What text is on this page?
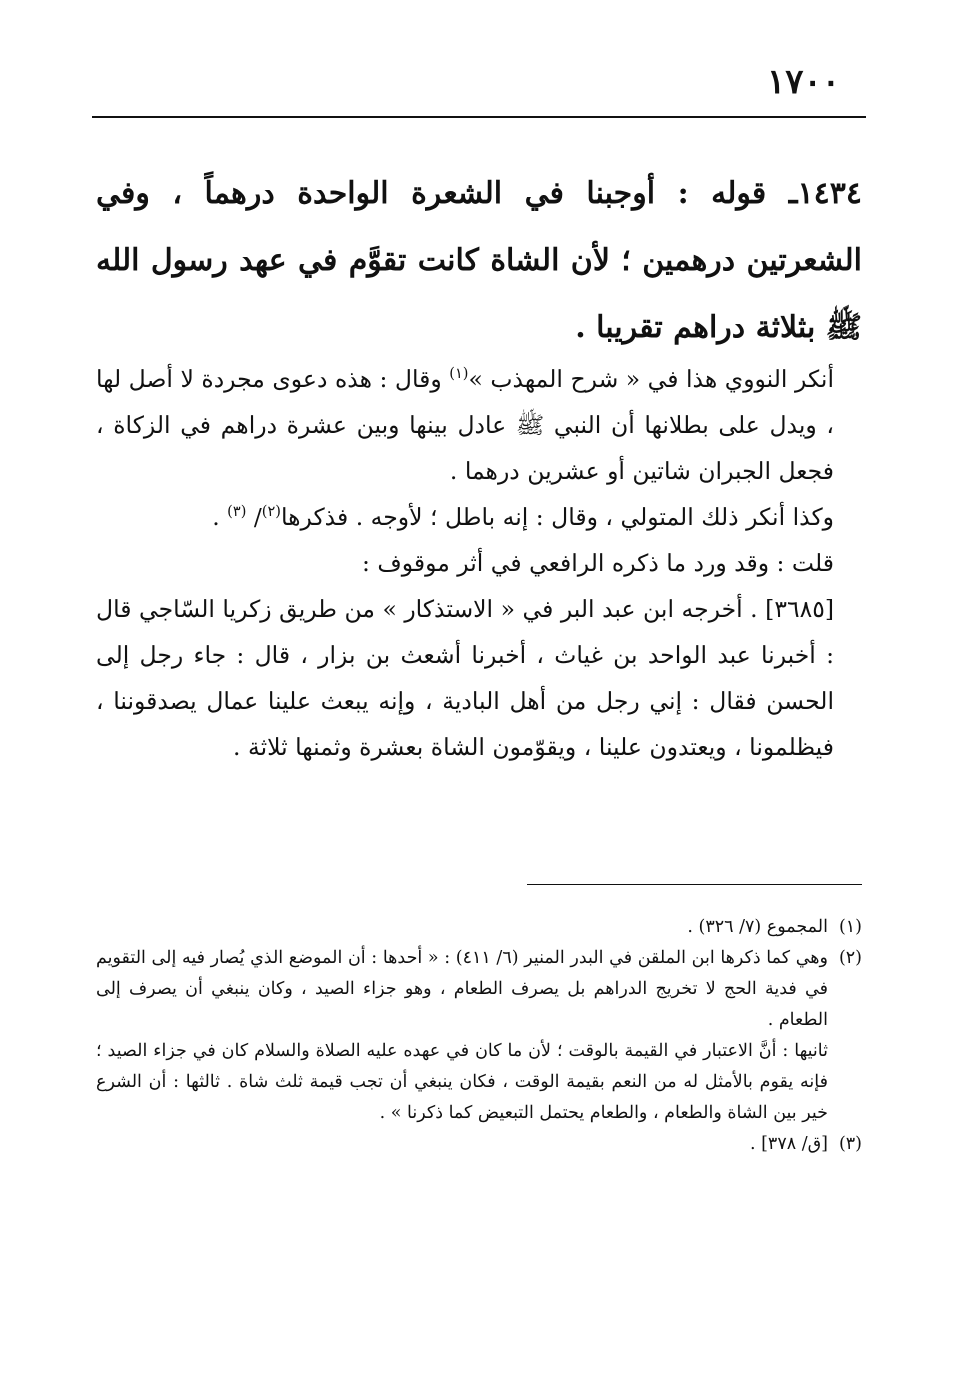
١٧٠٠
١٤٣٤ـ قوله : أوجبنا في الشعرة الواحدة درهماً ، وفي الشعرتين درهمين ؛ لأن الشاة كانت تقوَّم في عهد رسول الله ﷺ بثلاثة دراهم تقريبا .

أنكر النووي هذا في « شرح المهذب »$^{(١)}$ وقال : هذه دعوى مجردة لا أصل لها ، ويدل على بطلانها أن النبي ﷺ عادل بينها وبين عشرة دراهم في الزكاة ، فجعل الجبران شاتين أو عشرين درهما .

وكذا أنكر ذلك المتولي ، وقال : إنه باطل ؛ لأوجه . فذكرها$^{(٢)}$/ $^{(٣)}$ .

قلت : وقد ورد ما ذكره الرافعي في أثر موقوف :

[٣٦٨٥] . أخرجه ابن عبد البر في « الاستذكار » من طريق زكريا السّاجي قال : أخبرنا عبد الواحد بن غياث ، أخبرنا أشعث بن بزار ، قال : جاء رجل إلى الحسن فقال : إني رجل من أهل البادية ، وإنه يبعث علينا عمال يصدقوننا ، فيظلمونا ، ويعتدون علينا ، ويقوّمون الشاة بعشرة وثمنها ثلاثة .

(١)
المجموع (٧/ ٣٢٦) .
(٢)
وهي كما ذكرها ابن الملقن في البدر المنير (٦/ ٤١١) : « أحدها : أن الموضع الذي يُصار فيه إلى التقويم في فدية الحج لا تخريج الدراهم بل يصرف الطعام ، وهو جزاء الصيد ، وكان ينبغي أن يصرف إلى الطعام .
ثانيها : أنَّ الاعتبار في القيمة بالوقت ؛ لأن ما كان في عهده عليه الصلاة والسلام كان في جزاء الصيد ؛ فإنه يقوم بالأمثل له من النعم بقيمة الوقت ، فكان ينبغي أن تجب قيمة ثلث شاة . ثالثها : أن الشرع خير بين الشاة والطعام ، والطعام يحتمل التبعيض كما ذكرنا » .
(٣)
[ق/ ٣٧٨] .
